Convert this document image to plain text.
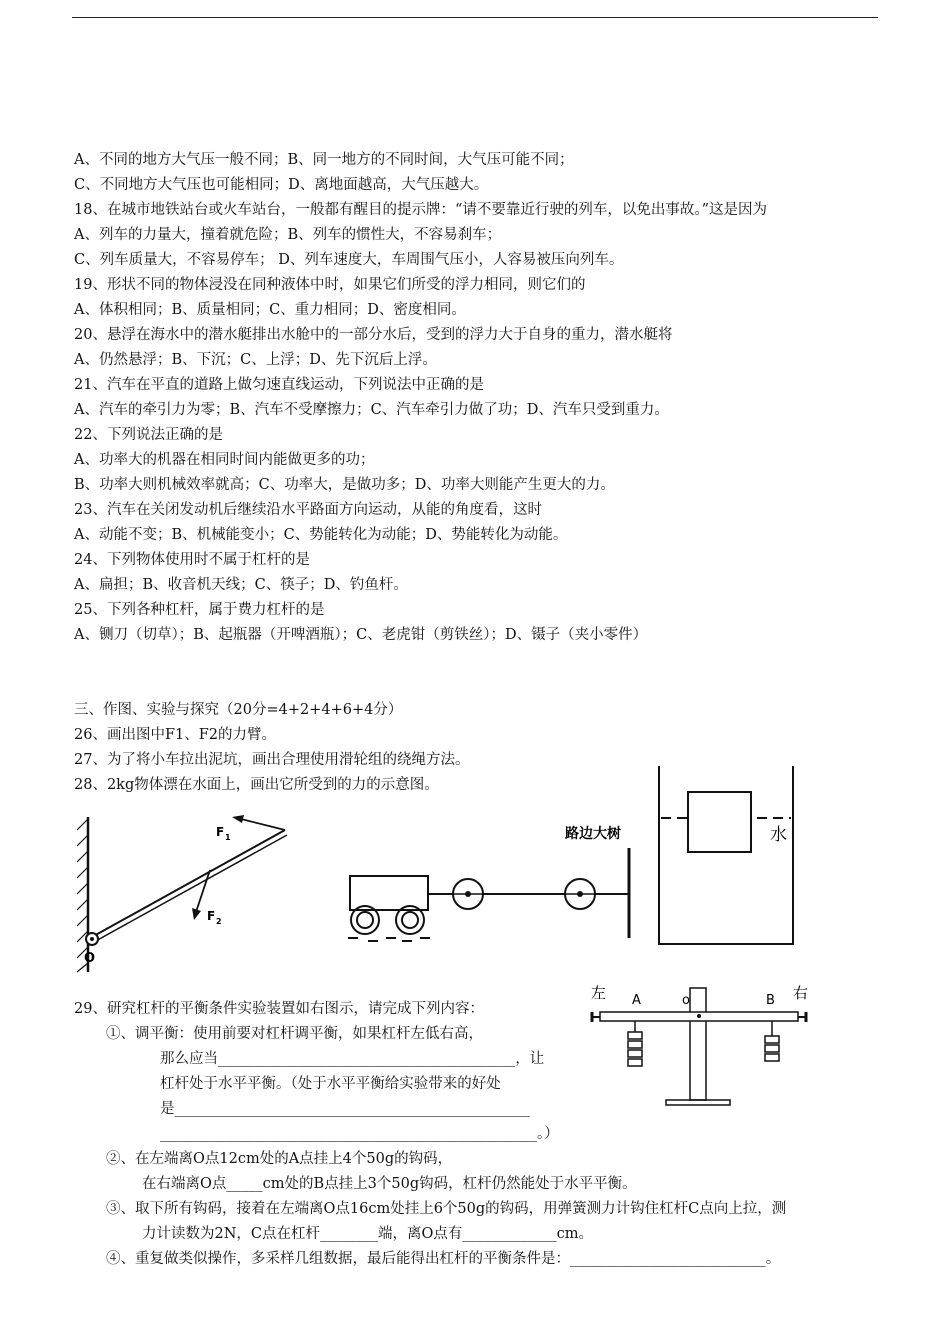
A、不同的地方大气压一般不同；B、同一地方的不同时间，大气压可能不同；
C、不同地方大气压也可能相同；D、离地面越高，大气压越大。
18、在城市地铁站台或火车站台，一般都有醒目的提示牌：“请不要靠近行驶的列车，以免出事故。”这是因为
A、列车的力量大，撞着就危险；B、列车的惯性大，不容易刹车；
C、列车质量大，不容易停车； D、列车速度大，车周围气压小，人容易被压向列车。
19、形状不同的物体浸没在同种液体中时，如果它们所受的浮力相同，则它们的
A、体积相同；B、质量相同；C、重力相同；D、密度相同。
20、悬浮在海水中的潜水艇排出水舱中的一部分水后，受到的浮力大于自身的重力，潜水艇将
A、仍然悬浮；B、下沉；C、上浮；D、先下沉后上浮。
21、汽车在平直的道路上做匀速直线运动，下列说法中正确的是
A、汽车的牵引力为零；B、汽车不受摩擦力；C、汽车牵引力做了功；D、汽车只受到重力。
22、下列说法正确的是
A、功率大的机器在相同时间内能做更多的功；
B、功率大则机械效率就高；C、功率大，是做功多；D、功率大则能产生更大的力。
23、汽车在关闭发动机后继续沿水平路面方向运动，从能的角度看，这时
A、动能不变；B、机械能变小；C、势能转化为动能；D、势能转化为动能。
24、下列物体使用时不属于杠杆的是
A、扁担；B、收音机天线；C、筷子；D、钓鱼杆。
25、下列各种杠杆，属于费力杠杆的是
A、铡刀（切草）；B、起瓶器（开啤酒瓶）；C、老虎钳（剪铁丝）；D、镊子（夹小零件）
三、作图、实验与探究（20分=4+2+4+6+4分）
26、画出图中F1、F2的力臂。
27、为了将小车拉出泥坑，画出合理使用滑轮组的绕绳方法。
28、2kg物体漂在水面上，画出它所受到的力的示意图。
29、研究杠杆的平衡条件实验装置如右图示，请完成下列内容：
①、调平衡：使用前要对杠杆调平衡，如果杠杆左低右高，
那么应当_________________________________________，让
杠杆处于水平平衡。（处于水平平衡给实验带来的好处
是_________________________________________________
____________________________________________________。）
②、在左端离O点12cm处的A点挂上4个50g的钩码，
在右端离O点_____cm处的B点挂上3个50g钩码，杠杆仍然能处于水平平衡。
③、取下所有钩码，接着在左端离O点16cm处挂上6个50g的钩码，用弹簧测力计钩住杠杆C点向上拉，测
力计读数为2N，C点在杠杆________端，离O点有_____________cm。
④、重复做类似操作，多采样几组数据，最后能得出杠杆的平衡条件是：___________________________。
F 1
F 2
O
路边大树	水
左	右
A	o	B
